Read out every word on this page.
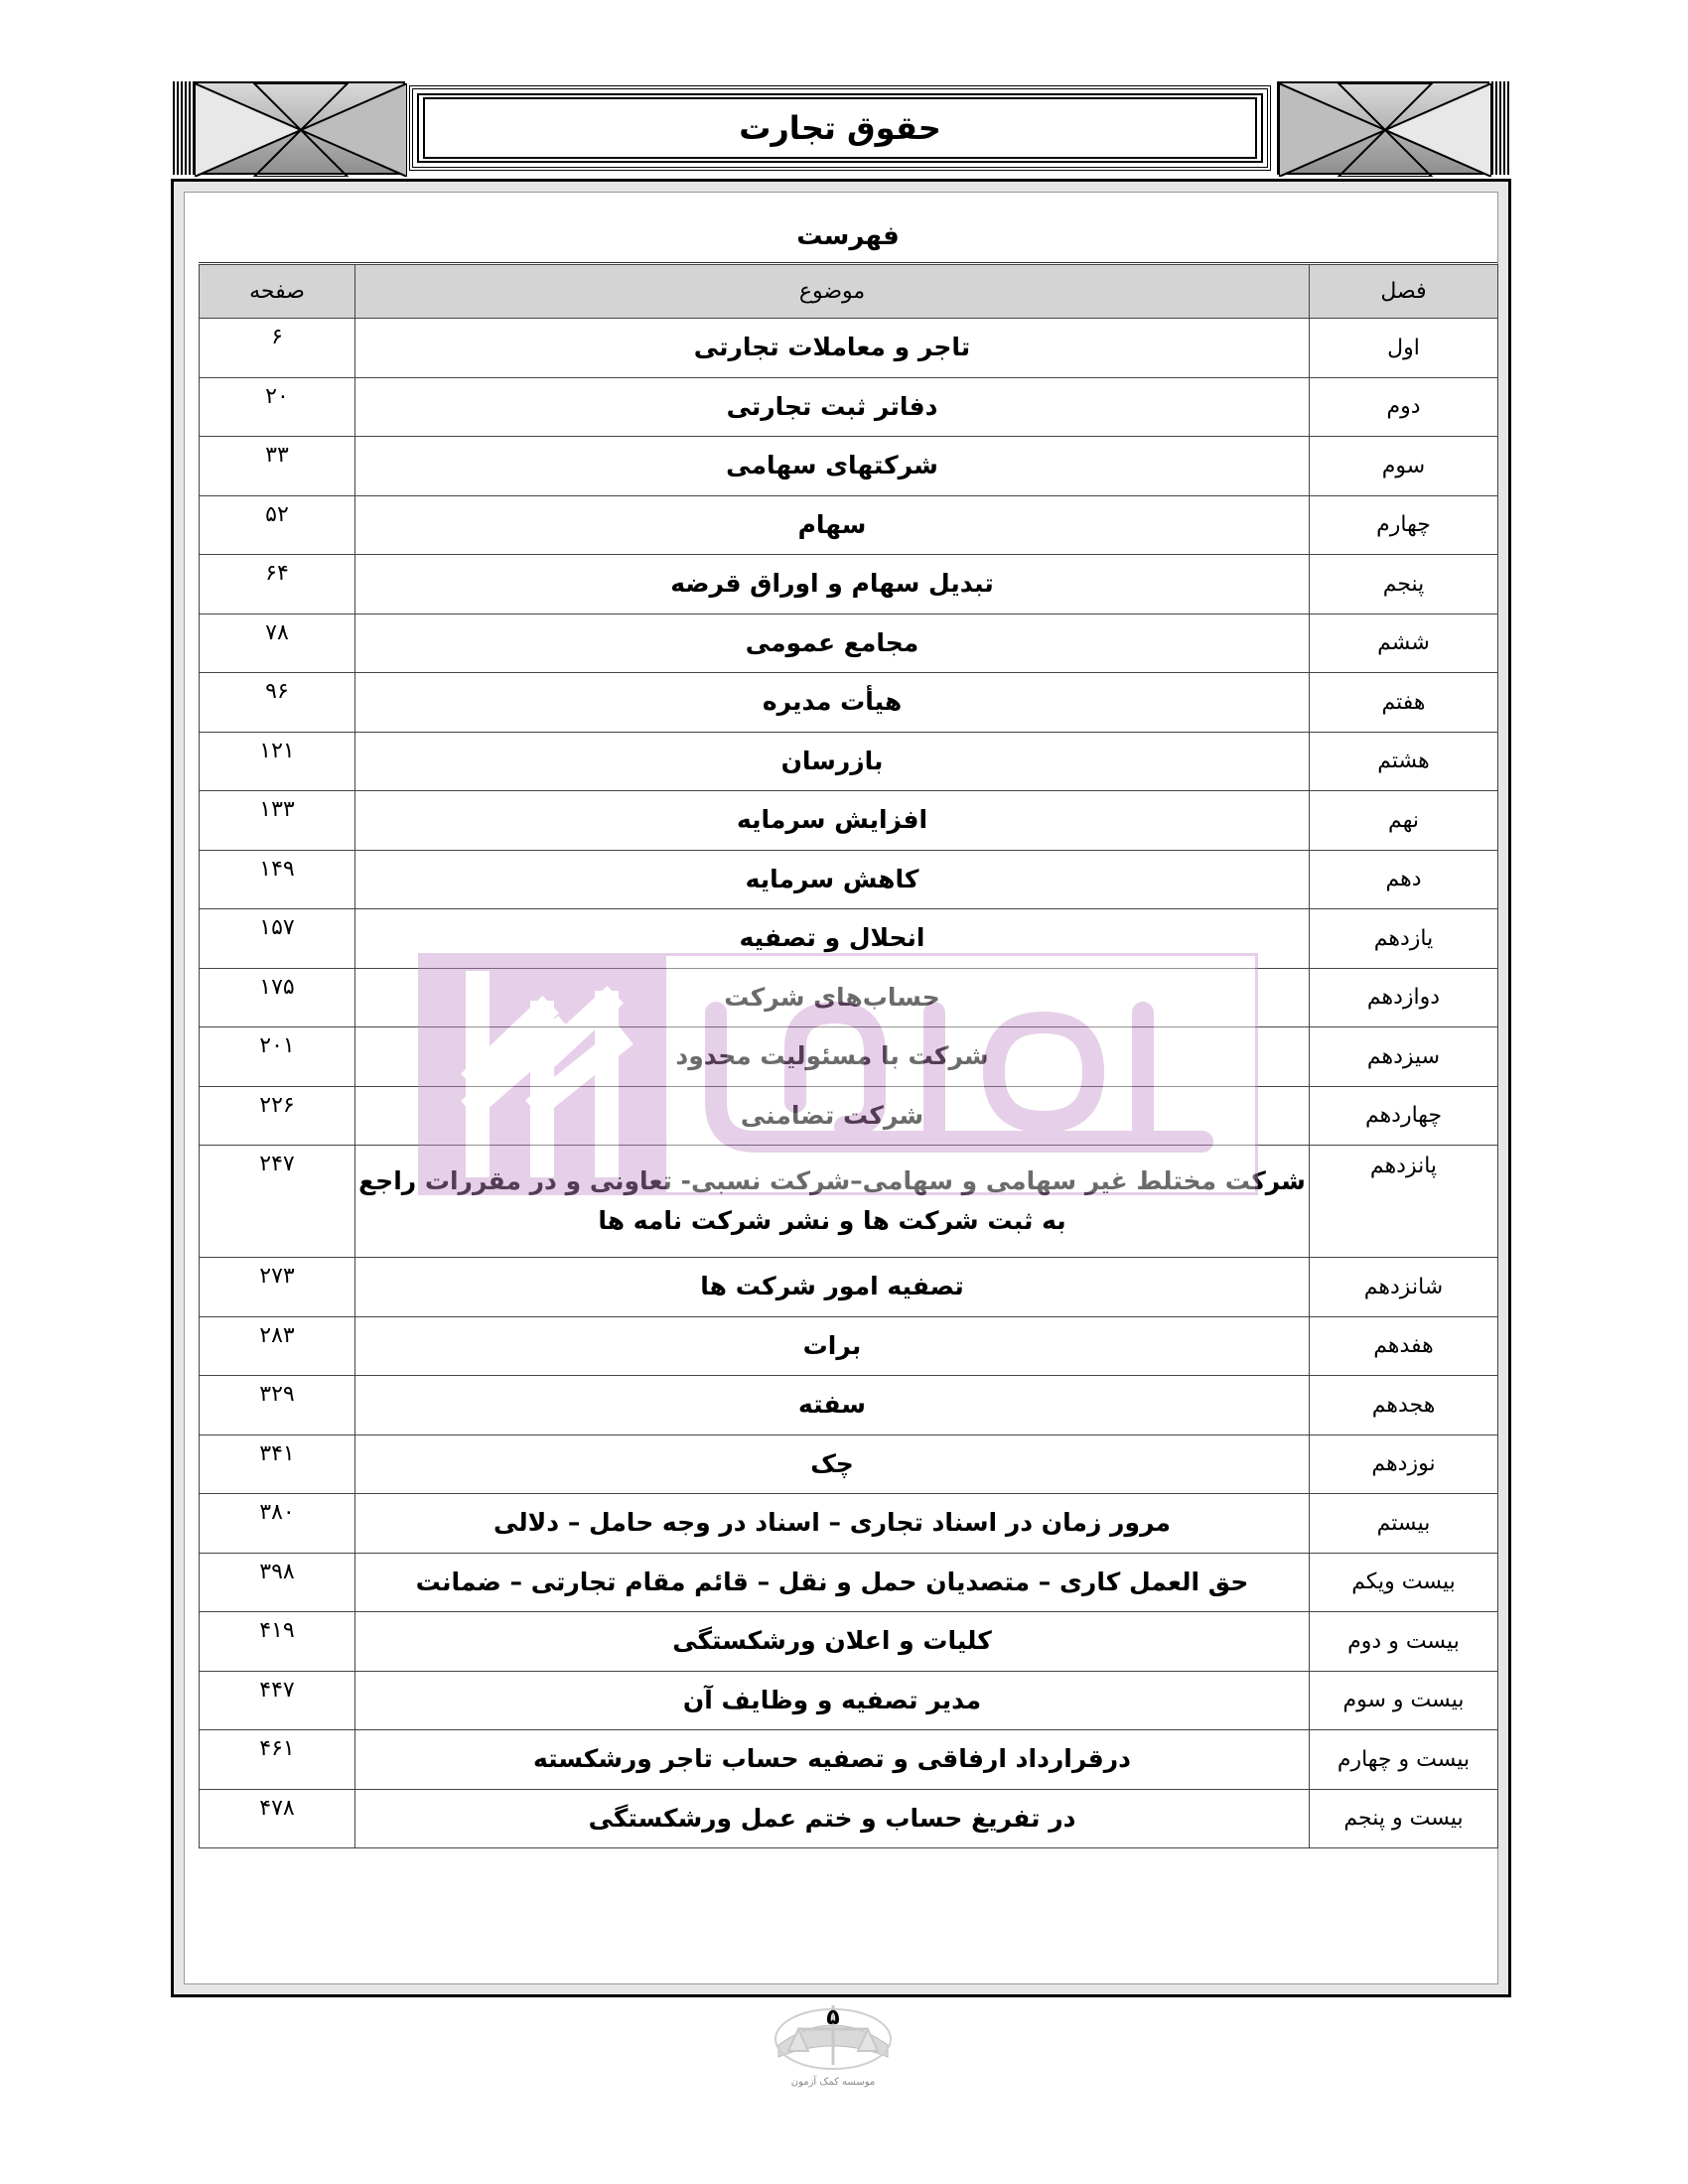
حقوق تجارت
فهرست
فصل	موضوع	صفحه
اول	تاجر و معاملات تجارتی	۶
دوم	دفاتر ثبت تجارتی	۲۰
سوم	شرکتهای سهامی	۳۳
چهارم	سهام	۵۲
پنجم	تبدیل سهام و اوراق قرضه	۶۴
ششم	مجامع عمومی	۷۸
هفتم	هیأت مدیره	۹۶
هشتم	بازرسان	۱۲۱
نهم	افزایش سرمایه	۱۳۳
دهم	کاهش سرمایه	۱۴۹
یازدهم	انحلال و تصفیه	۱۵۷
دوازدهم	حساب‌های شرکت	۱۷۵
سیزدهم	شرکت با مسئولیت محدود	۲۰۱
چهاردهم	شرکت تضامنی	۲۲۶
پانزدهم	شرکت مختلط غیر سهامی و سهامی–شرکت نسبی- تعاونی و در مقررات راجع به ثبت شرکت ها و نشر شرکت نامه ها	۲۴۷
شانزدهم	تصفیه امور شرکت ها	۲۷۳
هفدهم	برات	۲۸۳
هجدهم	سفته	۳۲۹
نوزدهم	چک	۳۴۱
بیستم	مرور زمان در اسناد تجاری – اسناد در وجه حامل – دلالی	۳۸۰
بیست ویکم	حق العمل کاری – متصدیان حمل و نقل – قائم مقام تجارتی – ضمانت	۳۹۸
بیست و دوم	کلیات و اعلان ورشکستگی	۴۱۹
بیست و سوم	مدیر تصفیه و وظایف آن	۴۴۷
بیست و چهارم	درقرارداد ارفاقی و تصفیه حساب تاجر ورشکسته	۴۶۱
بیست و پنجم	در تفریغ حساب و ختم عمل ورشکستگی	۴۷۸
۵
موسسه کمک آزمون
